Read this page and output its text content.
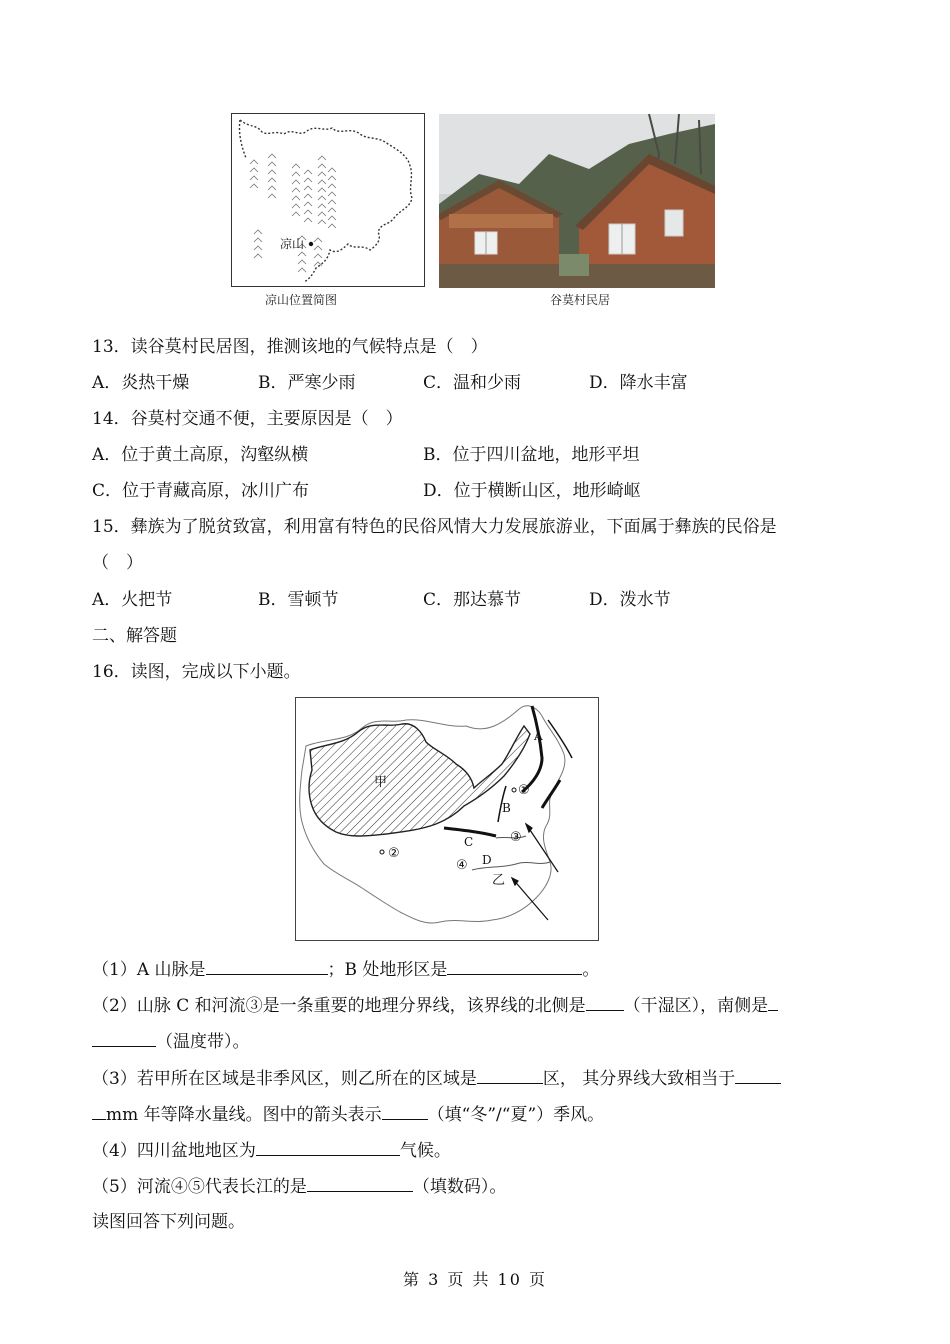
凉山
凉山位置简图	谷莫村民居
13．读谷莫村民居图，推测该地的气候特点是（　）
A．炎热干燥	B．严寒少雨	C．温和少雨	D．降水丰富
14．谷莫村交通不便，主要原因是（　）
A．位于黄土高原，沟壑纵横	B．位于四川盆地，地形平坦
C．位于青藏高原，冰川广布	D．位于横断山区，地形崎岖
15．彝族为了脱贫致富，利用富有特色的民俗风情大力发展旅游业，下面属于彝族的民俗是
（　）
A．火把节	B．雪顿节	C．那达慕节	D．泼水节
二、解答题
16．读图，完成以下小题。
甲
A
B
C
D
乙
①
②
③
④
（1）A 山脉是	；B 处地形区是	。
（2）山脉 C 和河流③是一条重要的地理分界线，该界线的北侧是 （干湿区），南侧是
（温度带）。
（3）若甲所在区域是非季风区，则乙所在的区域是	区， 其分界线大致相当于
mm 年等降水量线。图中的箭头表示	（填“冬”/“夏”）季风。
（4）四川盆地地区为	气候。
（5）河流④⑤代表长江的是	（填数码）。
读图回答下列问题。
第 3 页 共 10 页
